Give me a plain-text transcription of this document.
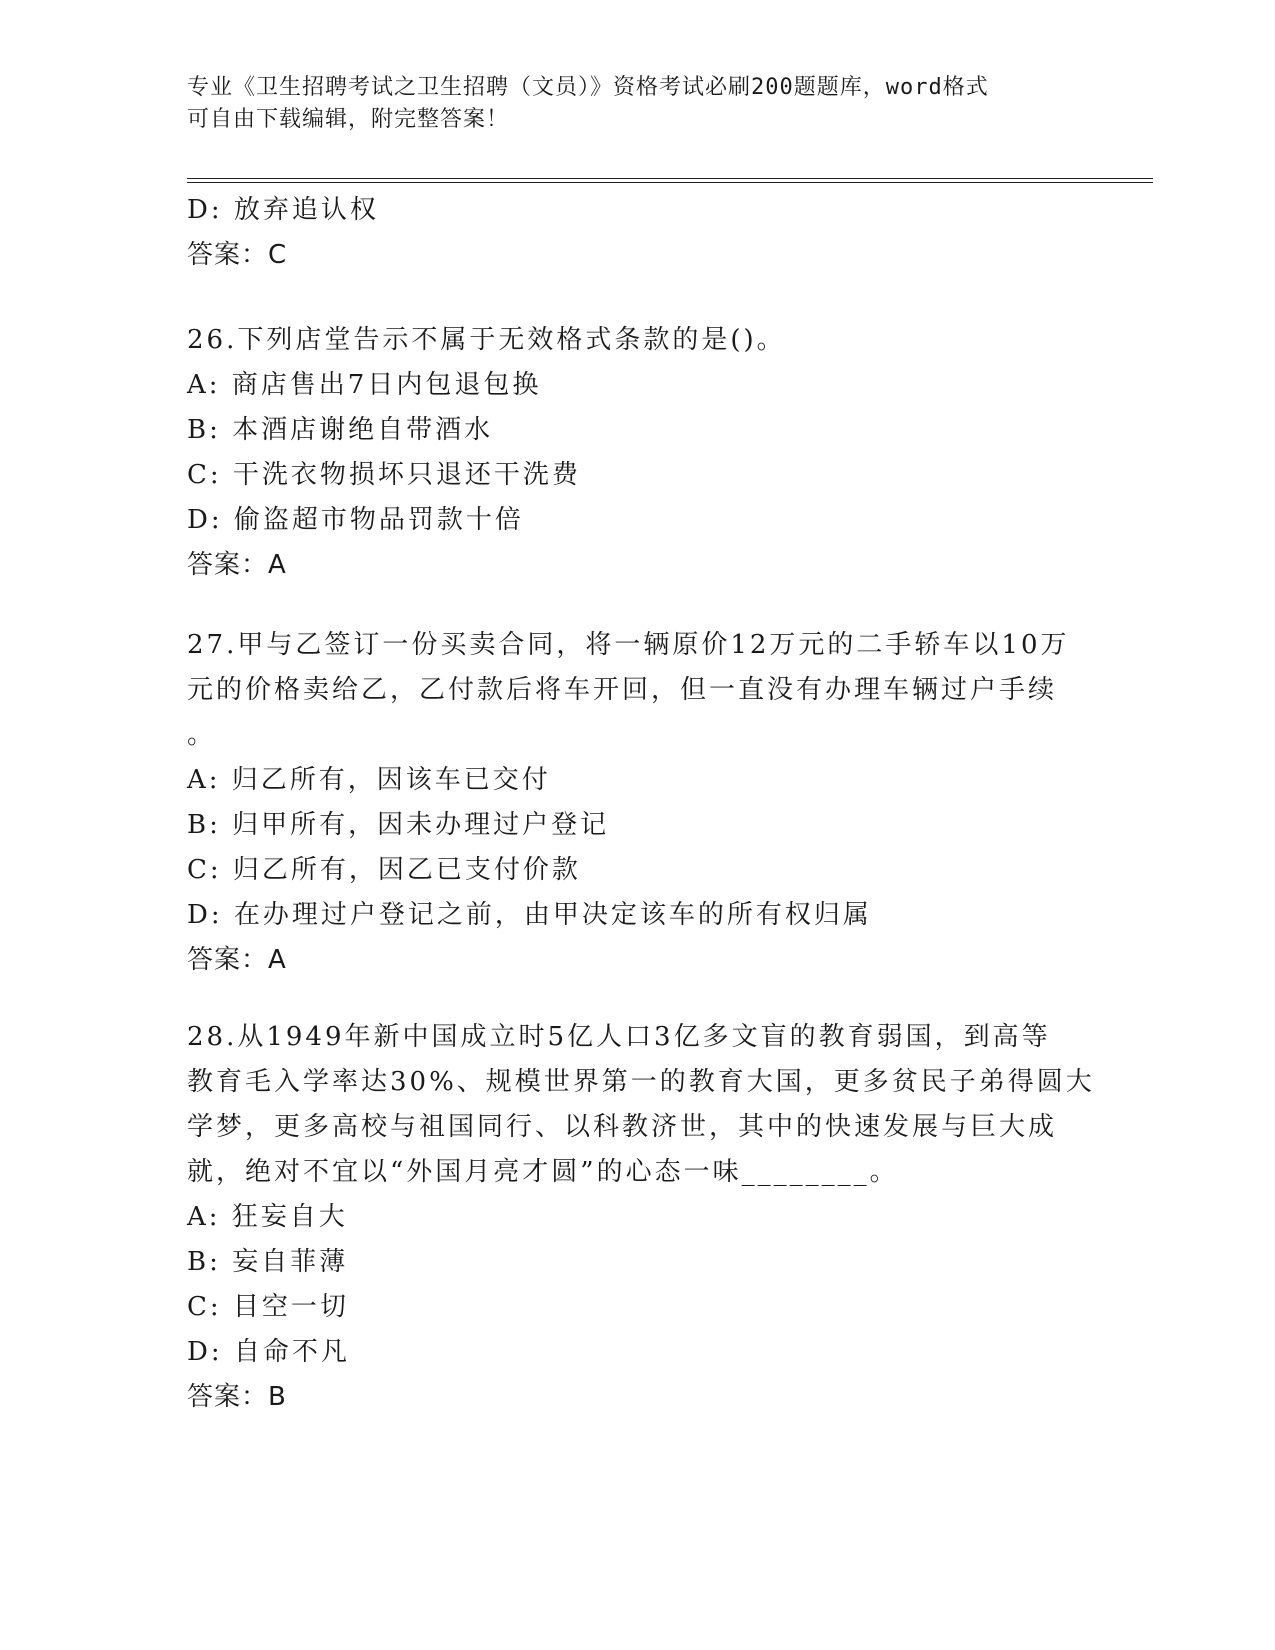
专业《卫生招聘考试之卫生招聘（文员）》资格考试必刷200题题库，word格式
可自由下载编辑，附完整答案！
D: 放弃追认权
答案：C
26.下列店堂告示不属于无效格式条款的是()。
A: 商店售出7日内包退包换
B: 本酒店谢绝自带酒水
C: 干洗衣物损坏只退还干洗费
D: 偷盗超市物品罚款十倍
答案：A
27.甲与乙签订一份买卖合同，将一辆原价12万元的二手轿车以10万
元的价格卖给乙，乙付款后将车开回，但一直没有办理车辆过户手续
。
A: 归乙所有，因该车已交付
B: 归甲所有，因未办理过户登记
C: 归乙所有，因乙已支付价款
D: 在办理过户登记之前，由甲决定该车的所有权归属
答案：A
28.从1949年新中国成立时5亿人口3亿多文盲的教育弱国，到高等
教育毛入学率达30%、规模世界第一的教育大国，更多贫民子弟得圆大
学梦，更多高校与祖国同行、以科教济世，其中的快速发展与巨大成
就，绝对不宜以“外国月亮才圆”的心态一味________。
A: 狂妄自大
B: 妄自菲薄
C: 目空一切
D: 自命不凡
答案：B
